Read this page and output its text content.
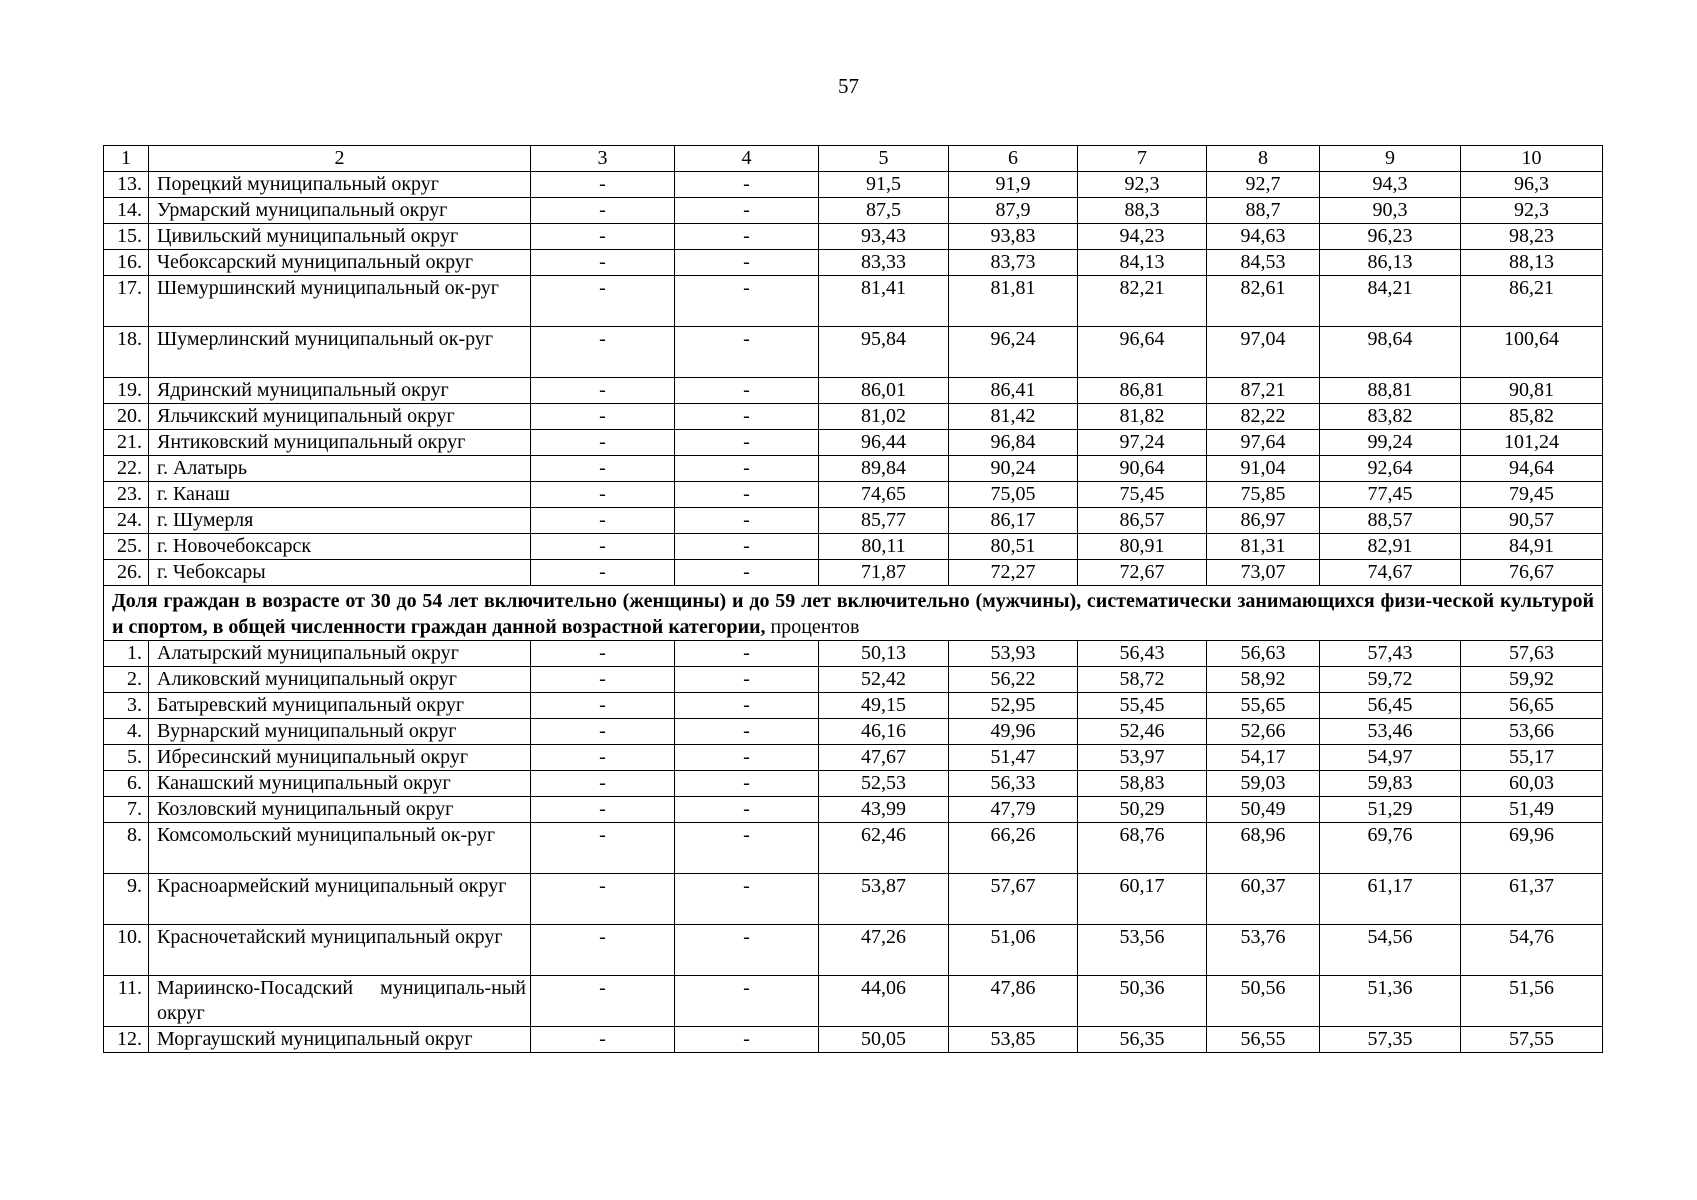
57
1	2	3	4	5	6	7	8	9	10
13.	Порецкий муниципальный округ	-	-	91,5	91,9	92,3	92,7	94,3	96,3
14.	Урмарский муниципальный округ	-	-	87,5	87,9	88,3	88,7	90,3	92,3
15.	Цивильский муниципальный округ	-	-	93,43	93,83	94,23	94,63	96,23	98,23
16.	Чебоксарский муниципальный округ	-	-	83,33	83,73	84,13	84,53	86,13	88,13
17.	Шемуршинский муниципальный ок-руг	-	-	81,41	81,81	82,21	82,61	84,21	86,21
18.	Шумерлинский муниципальный ок-руг	-	-	95,84	96,24	96,64	97,04	98,64	100,64
19.	Ядринский муниципальный округ	-	-	86,01	86,41	86,81	87,21	88,81	90,81
20.	Яльчикский муниципальный округ	-	-	81,02	81,42	81,82	82,22	83,82	85,82
21.	Янтиковский муниципальный округ	-	-	96,44	96,84	97,24	97,64	99,24	101,24
22.	г. Алатырь	-	-	89,84	90,24	90,64	91,04	92,64	94,64
23.	г. Канаш	-	-	74,65	75,05	75,45	75,85	77,45	79,45
24.	г. Шумерля	-	-	85,77	86,17	86,57	86,97	88,57	90,57
25.	г. Новочебоксарск	-	-	80,11	80,51	80,91	81,31	82,91	84,91
26.	г. Чебоксары	-	-	71,87	72,27	72,67	73,07	74,67	76,67
Доля граждан в возрасте от 30 до 54 лет включительно (женщины) и до 59 лет включительно (мужчины), систематически занимающихся физи-ческой культурой и спортом, в общей численности граждан данной возрастной категории, процентов									
1.	Алатырский муниципальный округ	-	-	50,13	53,93	56,43	56,63	57,43	57,63
2.	Аликовский муниципальный округ	-	-	52,42	56,22	58,72	58,92	59,72	59,92
3.	Батыревский муниципальный округ	-	-	49,15	52,95	55,45	55,65	56,45	56,65
4.	Вурнарский муниципальный округ	-	-	46,16	49,96	52,46	52,66	53,46	53,66
5.	Ибресинский муниципальный округ	-	-	47,67	51,47	53,97	54,17	54,97	55,17
6.	Канашский муниципальный округ	-	-	52,53	56,33	58,83	59,03	59,83	60,03
7.	Козловский муниципальный округ	-	-	43,99	47,79	50,29	50,49	51,29	51,49
8.	Комсомольский муниципальный ок-руг	-	-	62,46	66,26	68,76	68,96	69,76	69,96
9.	Красноармейский муниципальный округ	-	-	53,87	57,67	60,17	60,37	61,17	61,37
10.	Красночетайский муниципальный округ	-	-	47,26	51,06	53,56	53,76	54,56	54,76
11.	Мариинско-Посадский муниципаль-ный округ	-	-	44,06	47,86	50,36	50,56	51,36	51,56
12.	Моргаушский муниципальный округ	-	-	50,05	53,85	56,35	56,55	57,35	57,55
